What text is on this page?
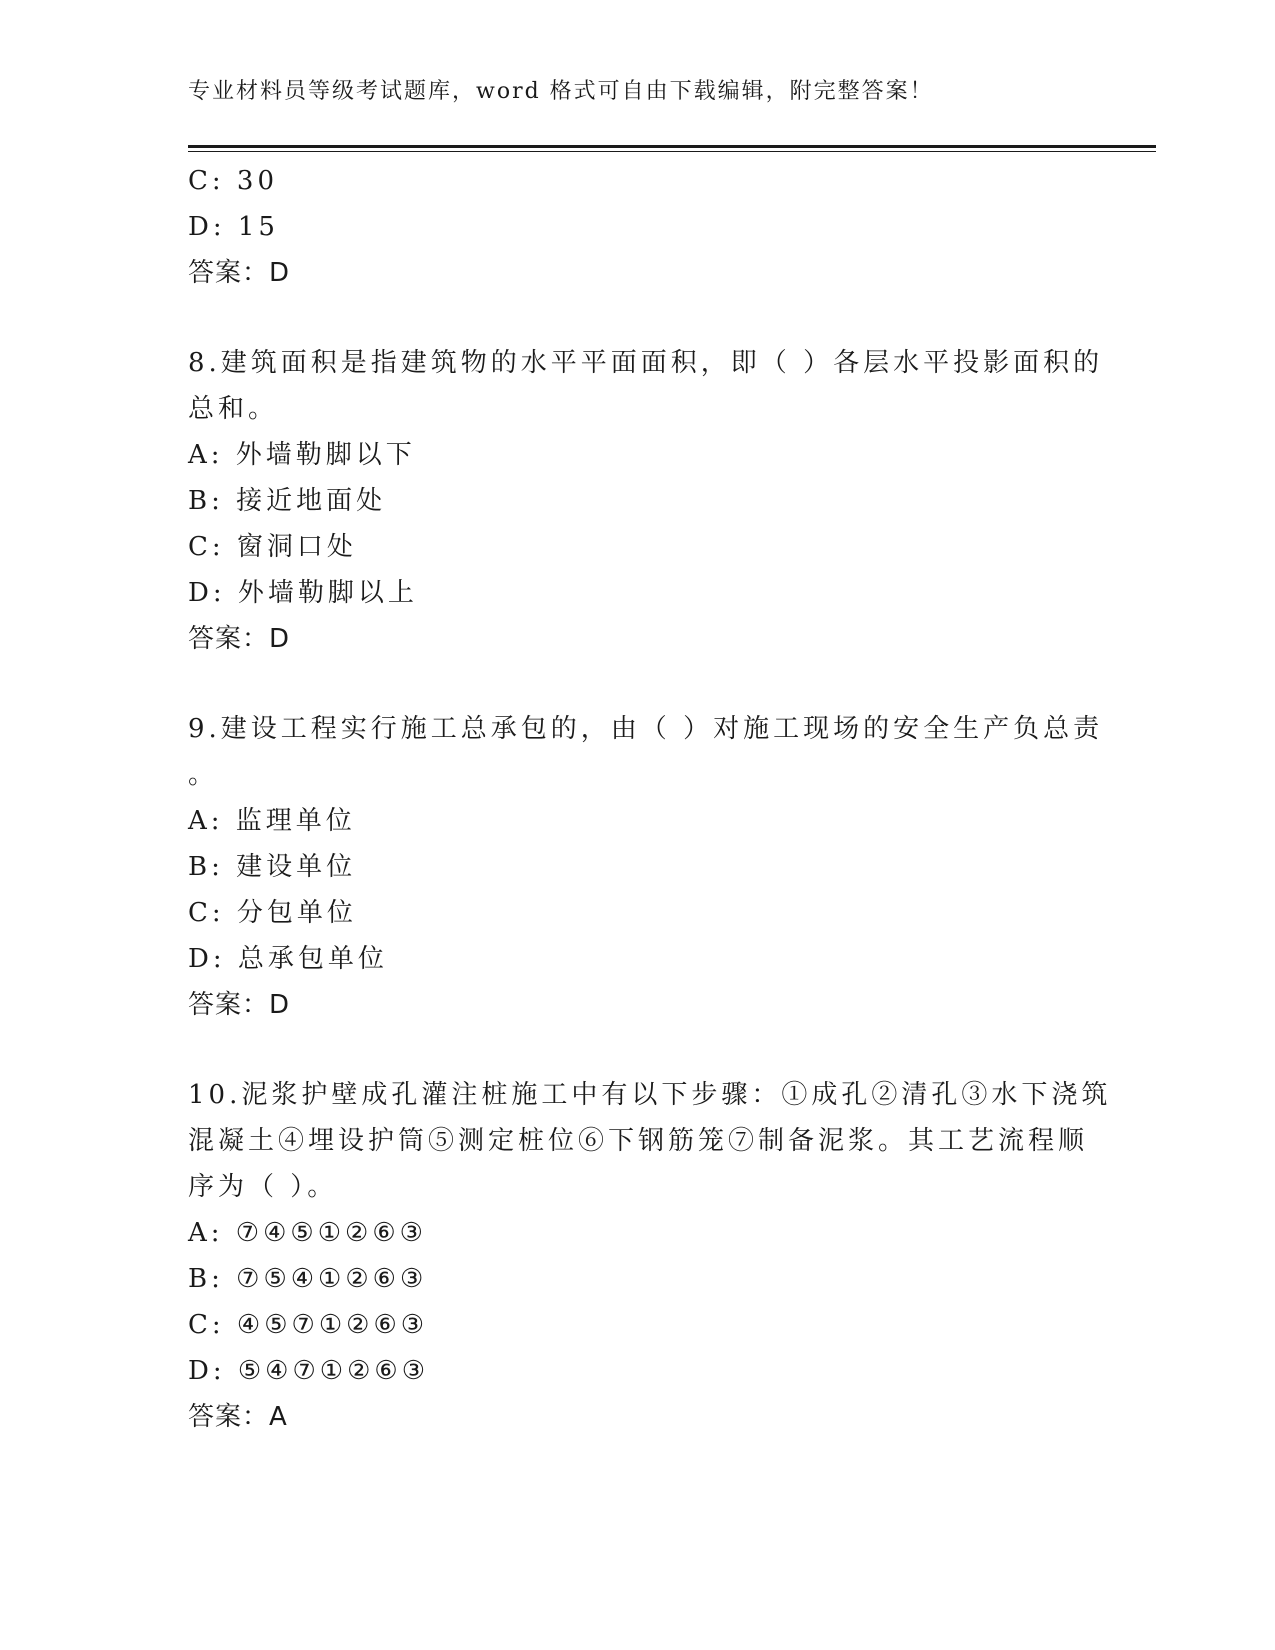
专业材料员等级考试题库，word 格式可自由下载编辑，附完整答案！
C: 30
D: 15
答案：D
8.建筑面积是指建筑物的水平平面面积，即（ ）各层水平投影面积的
总和。
A: 外墙勒脚以下
B: 接近地面处
C: 窗洞口处
D: 外墙勒脚以上
答案：D
9.建设工程实行施工总承包的，由（ ）对施工现场的安全生产负总责
。
A: 监理单位
B: 建设单位
C: 分包单位
D: 总承包单位
答案：D
10.泥浆护壁成孔灌注桩施工中有以下步骤：①成孔②清孔③水下浇筑
混凝土④埋设护筒⑤测定桩位⑥下钢筋笼⑦制备泥浆。其工艺流程顺
序为（ ）。
A: ⑦④⑤①②⑥③
B: ⑦⑤④①②⑥③
C: ④⑤⑦①②⑥③
D: ⑤④⑦①②⑥③
答案：A
